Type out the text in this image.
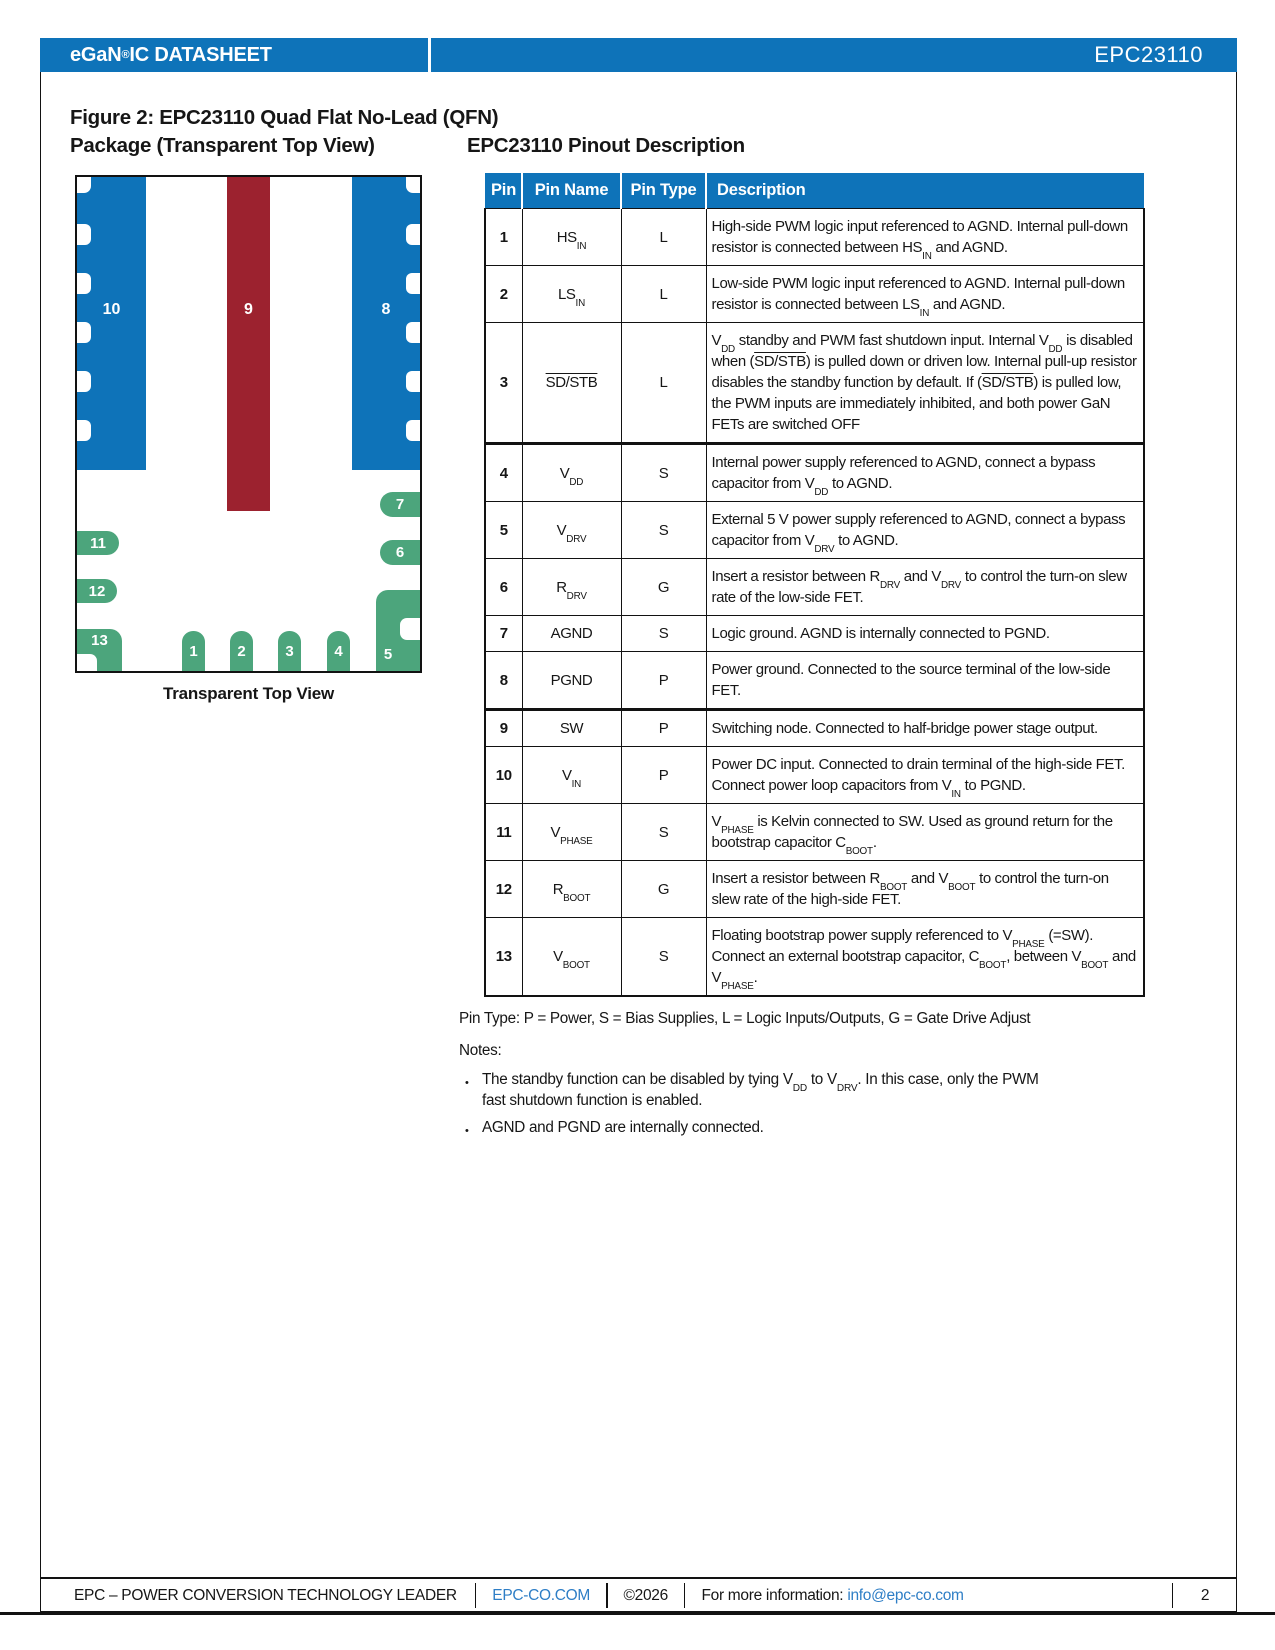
eGaN ® IC DATASHEET	EPC23110
Figure 2: EPC23110 Quad Flat No-Lead (QFN)
Package (Transparent Top View)
10	9	8
7
6
11
12
13
5
1	2	3	4
Transparent Top View
EPC23110 Pinout Description
Pin	Pin Name	Pin Type	Description
1	$HS_{IN}$	L	High-side PWM logic input referenced to AGND. Internal pull-down resistor is connected between $HS_{IN}$ and AGND.
2	$LS_{IN}$	L	Low-side PWM logic input referenced to AGND. Internal pull-down resistor is connected between $LS_{IN}$ and AGND.
3	SD/STB	L	$V_{DD}$ standby and PWM fast shutdown input. Internal $V_{DD}$ is disabled when (SD/STB) is pulled down or driven low. Internal pull-up resistor disables the standby function by default. If (SD/STB) is pulled low, the PWM inputs are immediately inhibited, and both power GaN FETs are switched OFF
4	$V_{DD}$	S	Internal power supply referenced to AGND, connect a bypass capacitor from $V_{DD}$ to AGND.
5	$V_{DRV}$	S	External 5 V power supply referenced to AGND, connect a bypass capacitor from $V_{DRV}$ to AGND.
6	$R_{DRV}$	G	Insert a resistor between $R_{DRV}$ and $V_{DRV}$ to control the turn-on slew rate of the low-side FET.
7	AGND	S	Logic ground. AGND is internally connected to PGND.
8	PGND	P	Power ground. Connected to the source terminal of the low-side FET.
9	SW	P	Switching node. Connected to half-bridge power stage output.
10	$V_{IN}$	P	Power DC input. Connected to drain terminal of the high-side FET. Connect power loop capacitors from $V_{IN}$ to PGND.
11	$V_{PHASE}$	S	$V_{PHASE}$ is Kelvin connected to SW. Used as ground return for the bootstrap capacitor $C_{BOOT}$.
12	$R_{BOOT}$	G	Insert a resistor between $R_{BOOT}$ and $V_{BOOT}$ to control the turn-on slew rate of the high-side FET.
13	$V_{BOOT}$	S	Floating bootstrap power supply referenced to $V_{PHASE}$ (=SW). Connect an external bootstrap capacitor, $C_{BOOT}$, between $V_{BOOT}$ and $V_{PHASE}$.

Pin Type: P = Power, S = Bias Supplies, L = Logic Inputs/Outputs, G = Gate Drive Adjust

Notes:

• The standby function can be disabled by tying $V_{DD}$ to $V_{DRV}$. In this case, only the PWM
fast shutdown function is enabled.
• AGND and PGND are internally connected.
EPC – POWER CONVERSION TECHNOLOGY LEADER	EPC-CO.COM	©2026	For more information: info@epc-co.com	2
